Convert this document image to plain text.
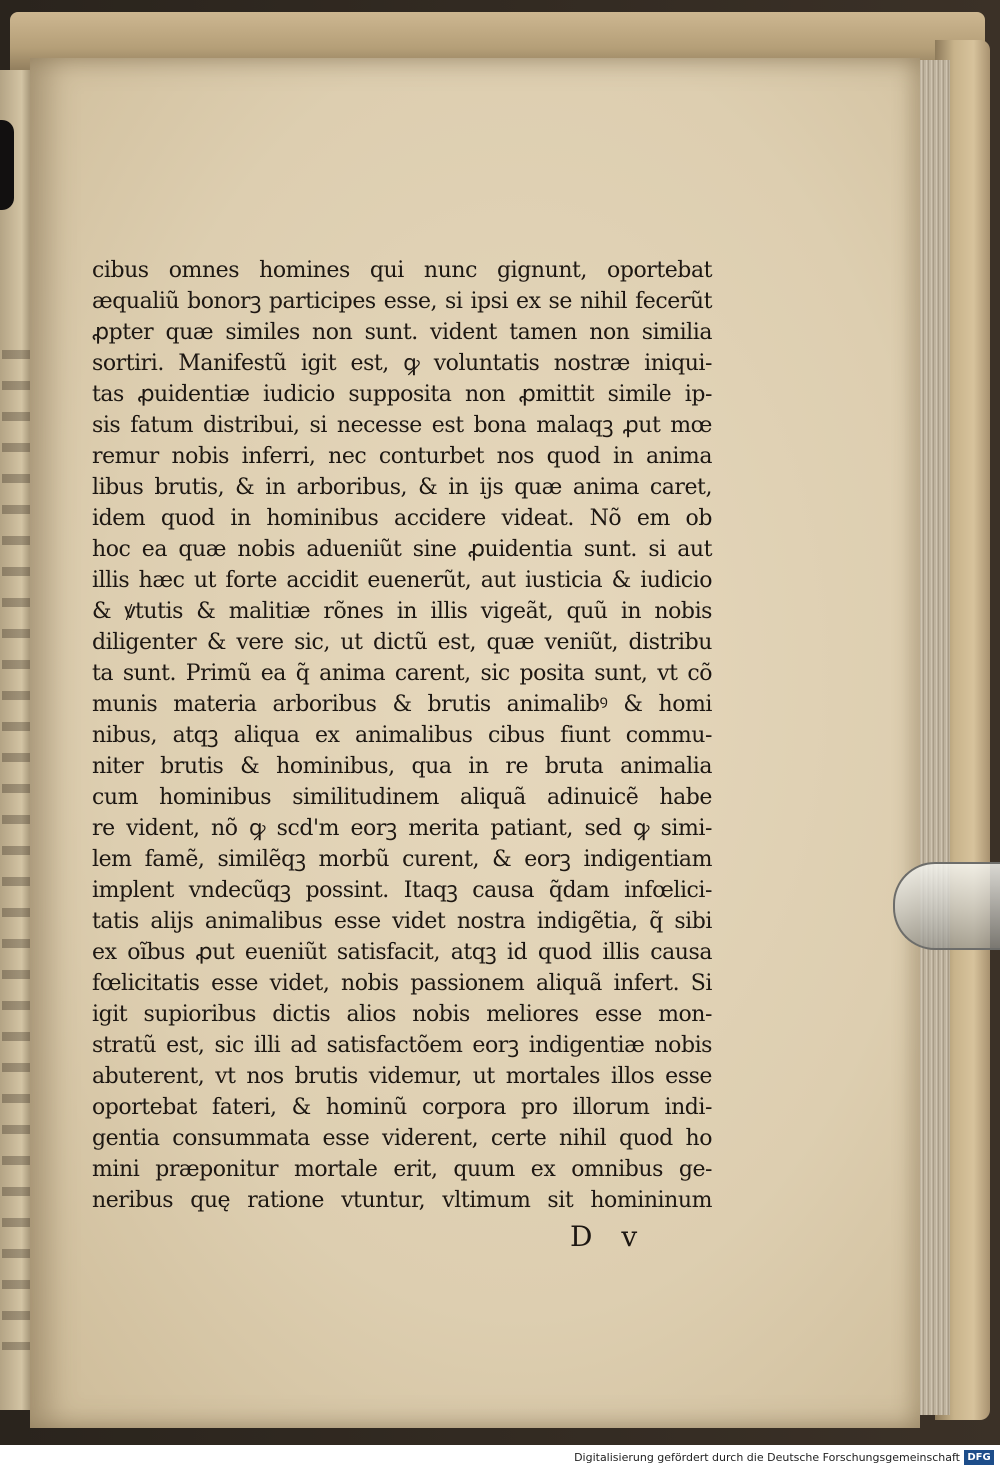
cibus omnes homines qui nunc gignunt, oportebat
æqualiũ bonorꝫ participes esse, si ipsi ex se nihil fecerũt
ꝓpter quæ similes non sunt. vident tamen non similia
sortiri. Manifestũ igit est, ꝙ voluntatis nostræ iniqui-
tas ꝓuidentiæ iudicio supposita non ꝓmittit simile ip-
sis fatum distribui, si necesse est bona malaqꝫ ꝓut mœ
remur nobis inferri, nec conturbet nos quod in anima
libus brutis, & in arboribus, & in ijs quæ anima caret,
idem quod in hominibus accidere videat. Nõ em ob
hoc ea quæ nobis adueniũt sine ꝓuidentia sunt. si aut
illis hæc ut forte accidit euenerũt, aut iusticia & iudicio
& ꝟtutis & malitiæ rõnes in illis vigeãt, quũ in nobis
diligenter & vere sic, ut dictũ est, quæ veniũt, distribu
ta sunt. Primũ ea q̃ anima carent, sic posita sunt, vt cõ
munis materia arboribus & brutis animalibꝰ & homi
nibus, atqꝫ aliqua ex animalibus cibus fiunt commu-
niter brutis & hominibus, qua in re bruta animalia
cum hominibus similitudinem aliquã adinuicẽ habe
re vident, nõ ꝙ scd'm eorꝫ merita patiant, sed ꝙ simi-
lem famẽ, similẽqꝫ morbũ curent, & eorꝫ indigentiam
implent vndecũqꝫ possint. Itaqꝫ causa q̃dam infœlici-
tatis alijs animalibus esse videt nostra indigẽtia, q̃ sibi
ex oĩbus ꝓut eueniũt satisfacit, atqꝫ id quod illis causa
fœlicitatis esse videt, nobis passionem aliquã infert. Si
igit supioribus dictis alios nobis meliores esse mon-
stratũ est, sic illi ad satisfactõem eorꝫ indigentiæ nobis
abuterent, vt nos brutis videmur, ut mortales illos esse
oportebat fateri, & hominũ corpora pro illorum indi-
gentia consummata esse viderent, certe nihil quod ho
mini præponitur mortale erit, quum ex omnibus ge-
neribus quę ratione vtuntur, vltimum sit homininum
D v
Digitalisierung gefördert durch die Deutsche Forschungsgemeinschaft DFG
